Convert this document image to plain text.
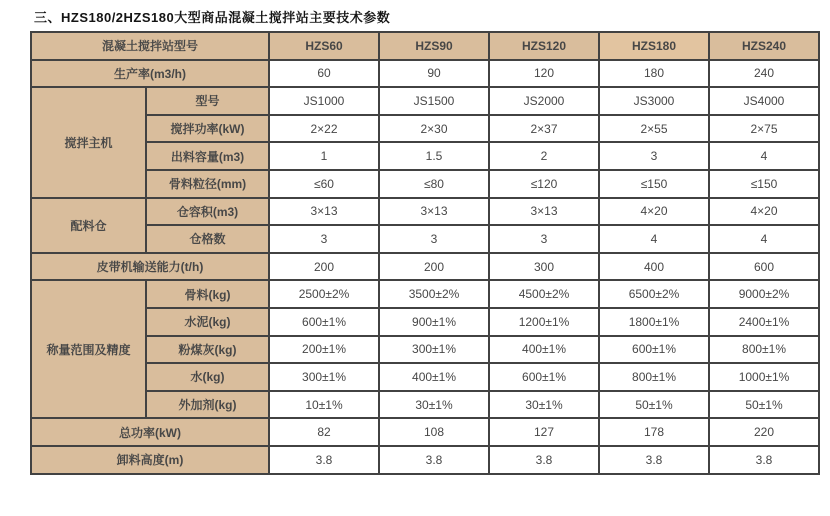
三、HZS180/2HZS180大型商品混凝土搅拌站主要技术参数
混凝土搅拌站型号		HZS60	HZS90	HZS120	HZS180	HZS240
生产率(m3/h)		60	90	120	180	240
搅拌主机	型号	JS1000	JS1500	JS2000	JS3000	JS4000
	搅拌功率(kW)	2×22	2×30	2×37	2×55	2×75
	出料容量(m3)	1	1.5	2	3	4
	骨料粒径(mm)	≤60	≤80	≤120	≤150	≤150
配料仓	仓容积(m3)	3×13	3×13	3×13	4×20	4×20
	仓格数	3	3	3	4	4
皮带机输送能力(t/h)		200	200	300	400	600
称量范围及精度	骨料(kg)	2500±2%	3500±2%	4500±2%	6500±2%	9000±2%
	水泥(kg)	600±1%	900±1%	1200±1%	1800±1%	2400±1%
	粉煤灰(kg)	200±1%	300±1%	400±1%	600±1%	800±1%
	水(kg)	300±1%	400±1%	600±1%	800±1%	1000±1%
	外加剂(kg)	10±1%	30±1%	30±1%	50±1%	50±1%
总功率(kW)		82	108	127	178	220
卸料高度(m)		3.8	3.8	3.8	3.8	3.8
